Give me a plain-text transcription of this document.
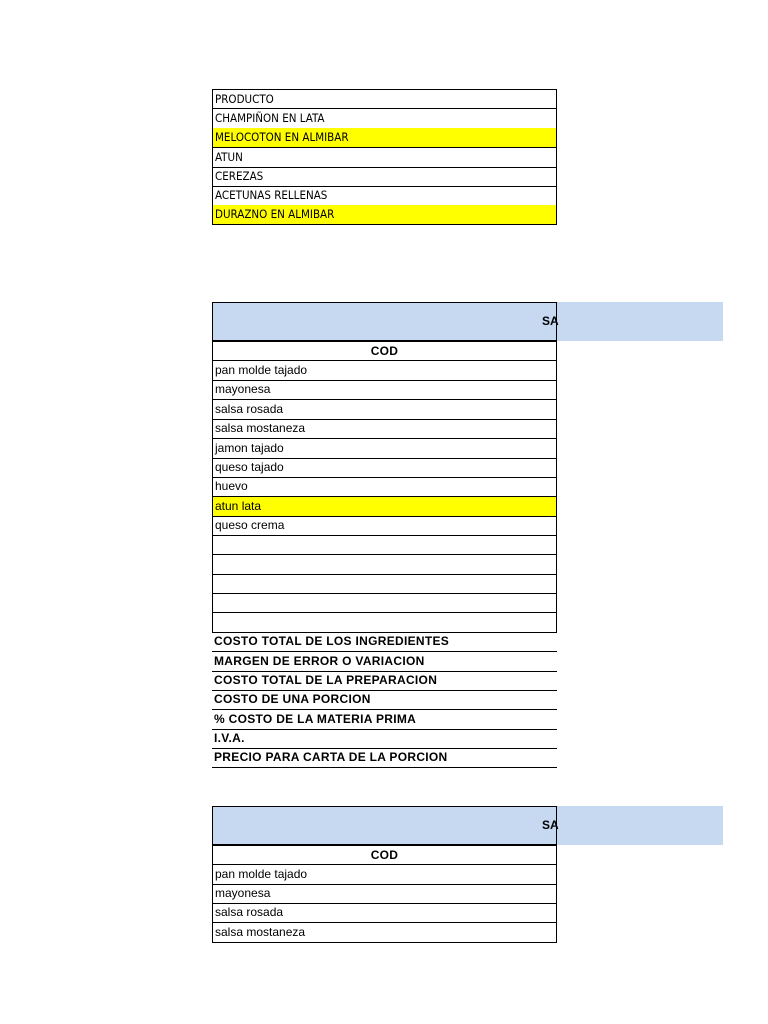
PRODUCTO
CHAMPIÑON EN LATA
MELOCOTON EN ALMIBAR
ATUN
CEREZAS
ACETUNAS RELLENAS
DURAZNO EN ALMIBAR
SA
COD
pan molde tajado
mayonesa
salsa rosada
salsa mostaneza
jamon tajado
queso tajado
huevo
atun lata
queso crema
COSTO TOTAL DE LOS INGREDIENTES
MARGEN DE ERROR O VARIACION
COSTO TOTAL DE LA PREPARACION
COSTO DE UNA PORCION
% COSTO DE LA MATERIA PRIMA
I.V.A.
PRECIO PARA CARTA DE LA PORCION
SA
COD
pan molde tajado
mayonesa
salsa rosada
salsa mostaneza
